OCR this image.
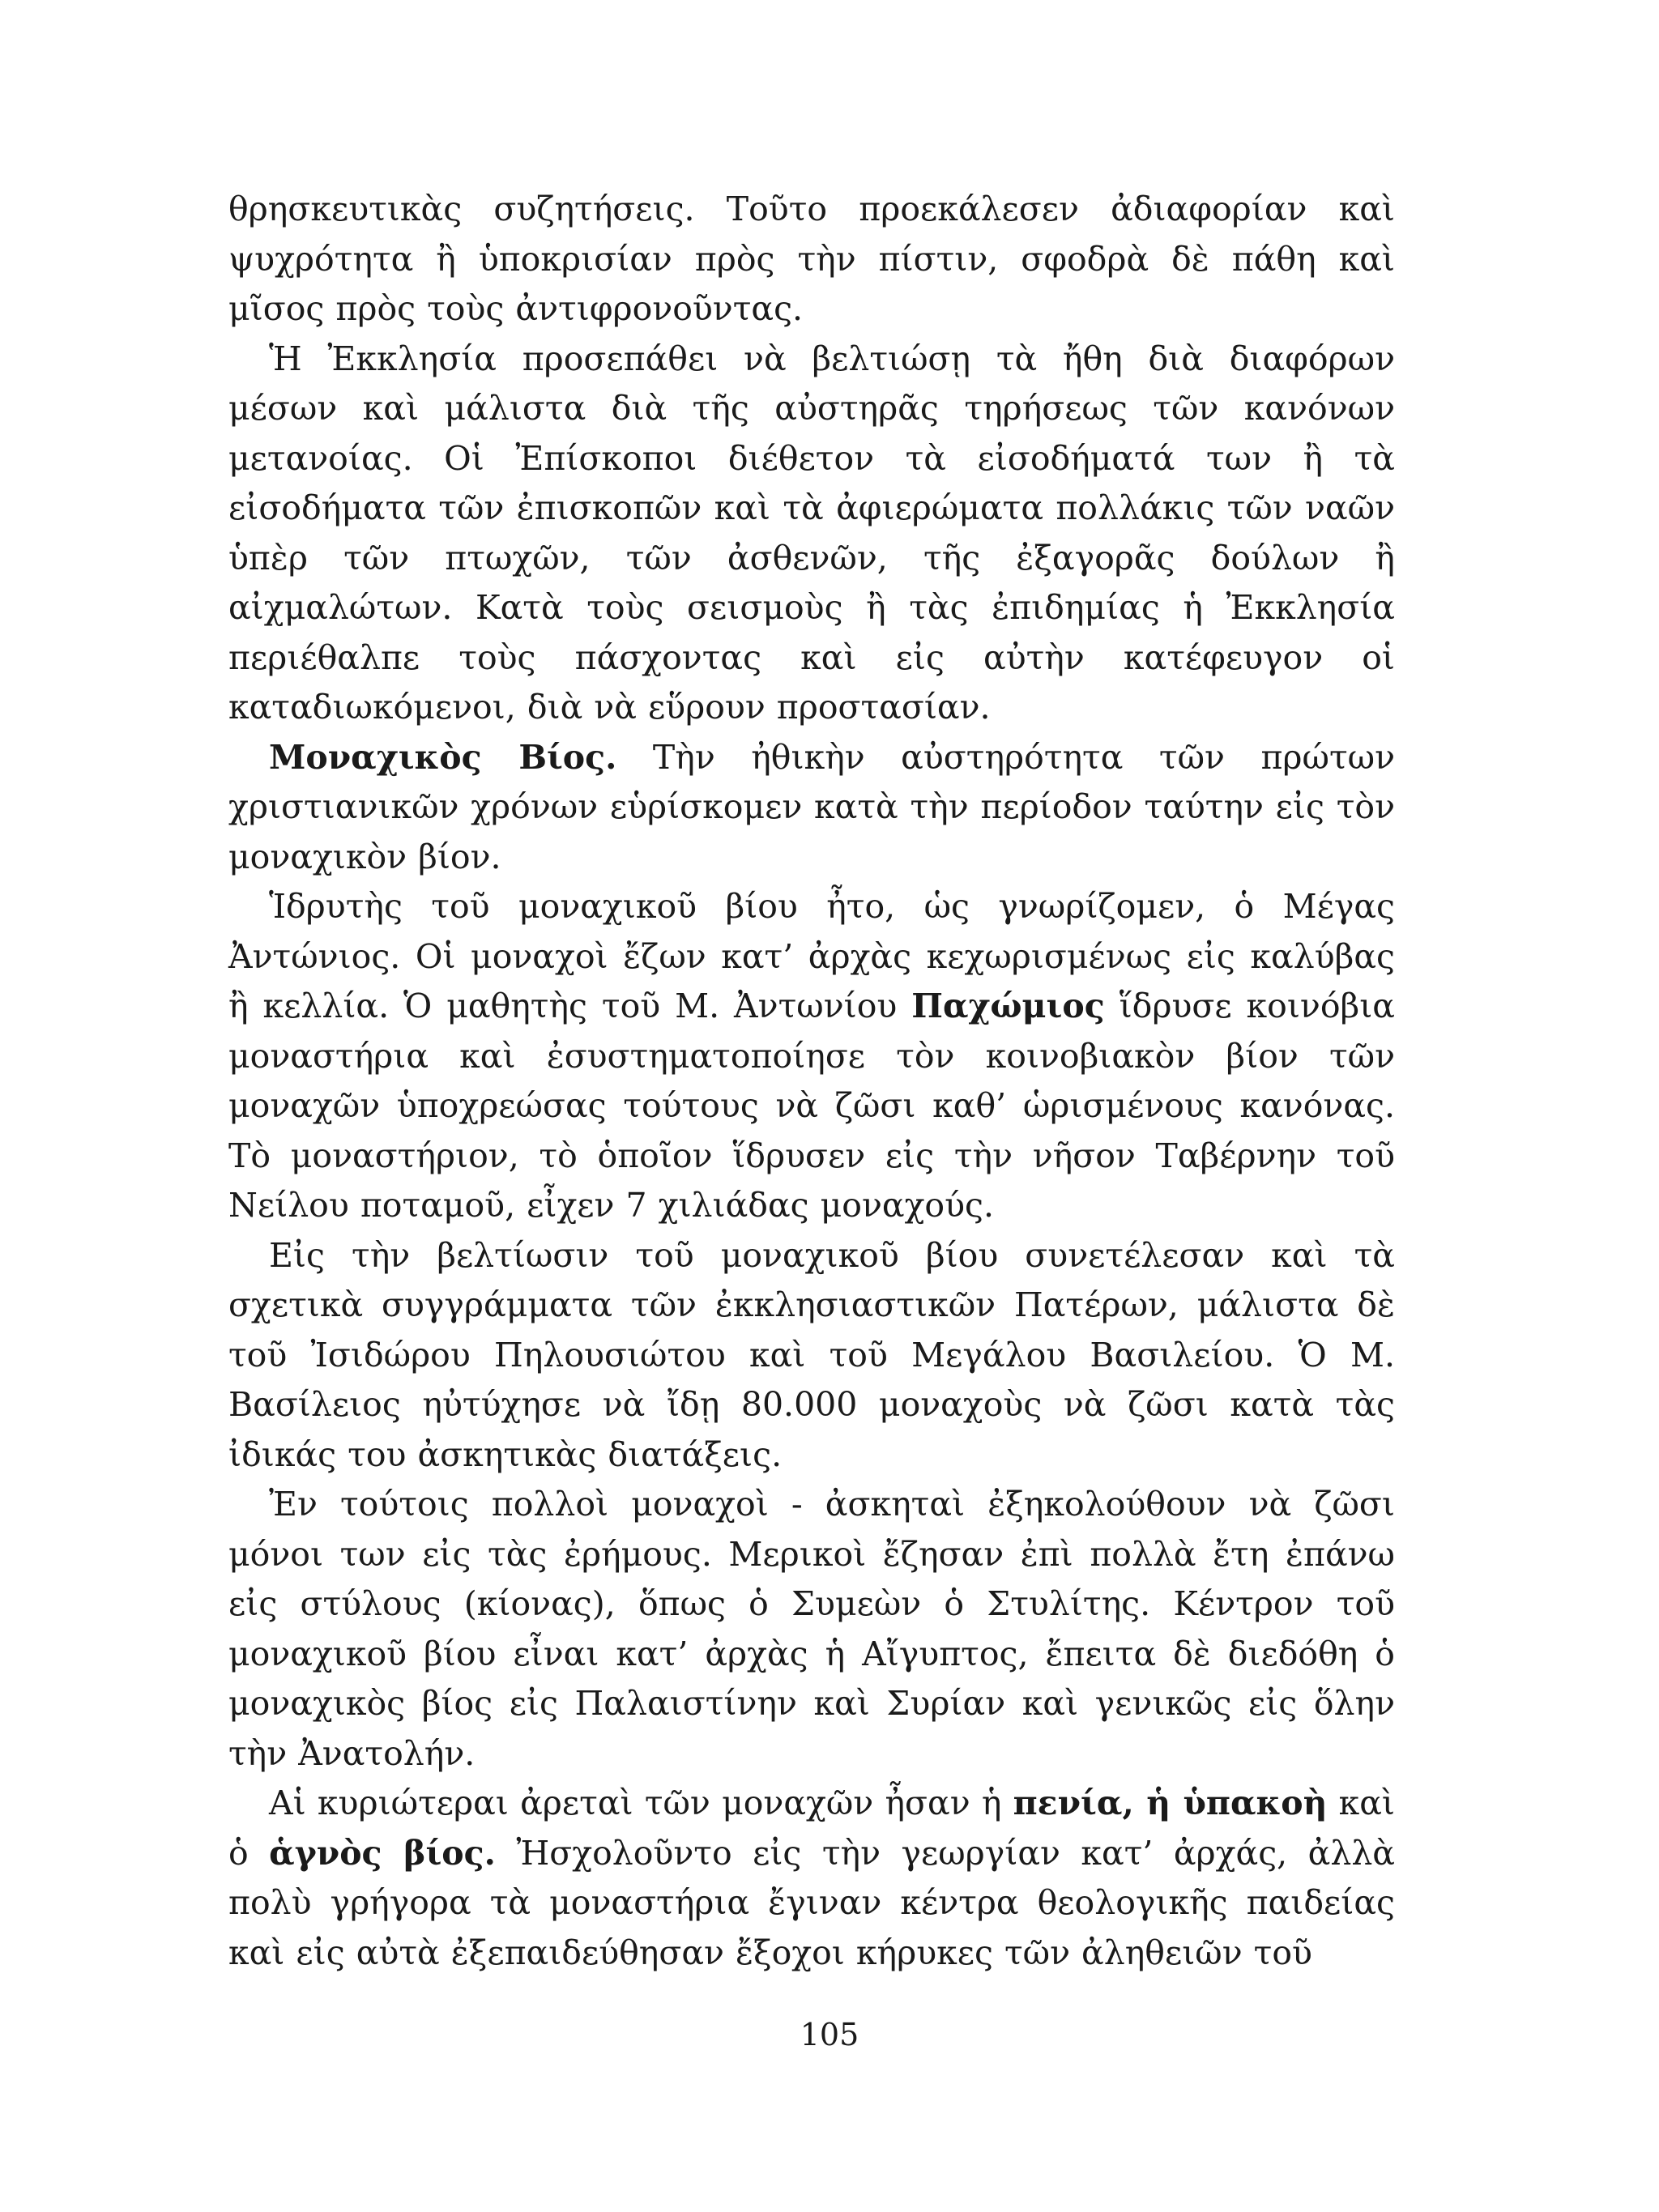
θρησκευτικὰς συζητήσεις. Τοῦτο προεκάλεσεν ἀδιαφορίαν καὶ ψυχρότητα ἢ ὑποκρισίαν πρὸς τὴν πίστιν, σφοδρὰ δὲ πάθη καὶ μῖσος πρὸς τοὺς ἀντιφρονοῦντας.

Ἡ Ἐκκλησία προσεπάθει νὰ βελτιώσῃ τὰ ἤθη διὰ διαφόρων μέσων καὶ μάλιστα διὰ τῆς αὐστηρᾶς τηρήσεως τῶν κανόνων μετανοίας. Οἱ Ἐπίσκοποι διέθετον τὰ εἰσοδήματά των ἢ τὰ εἰσοδήματα τῶν ἐπισκοπῶν καὶ τὰ ἀφιερώματα πολλάκις τῶν ναῶν ὑπὲρ τῶν πτωχῶν, τῶν ἀσθενῶν, τῆς ἐξαγορᾶς δούλων ἢ αἰχμαλώτων. Κατὰ τοὺς σεισμοὺς ἢ τὰς ἐπιδημίας ἡ Ἐκκλησία περιέθαλπε τοὺς πάσχοντας καὶ εἰς αὐτὴν κατέφευγον οἱ καταδιωκόμενοι, διὰ νὰ εὕρουν προστασίαν.

Μοναχικὸς Βίος. Τὴν ἠθικὴν αὐστηρότητα τῶν πρώτων χριστιανικῶν χρόνων εὑρίσκομεν κατὰ τὴν περίοδον ταύτην εἰς τὸν μοναχικὸν βίον.

Ἱδρυτὴς τοῦ μοναχικοῦ βίου ἦτο, ὡς γνωρίζομεν, ὁ Μέγας Ἀντώνιος. Οἱ μοναχοὶ ἔζων κατ’ ἀρχὰς κεχωρισμένως εἰς καλύβας ἢ κελλία. Ὁ μαθητὴς τοῦ Μ. Ἀντωνίου Παχώμιος ἵδρυσε κοινόβια μοναστήρια καὶ ἐσυστηματοποίησε τὸν κοινοβιακὸν βίον τῶν μοναχῶν ὑποχρεώσας τούτους νὰ ζῶσι καθ’ ὡρισμένους κανόνας. Τὸ μοναστήριον, τὸ ὁποῖον ἵδρυσεν εἰς τὴν νῆσον Ταβέρνην τοῦ Νείλου ποταμοῦ, εἶχεν 7 χιλιάδας μοναχούς.

Εἰς τὴν βελτίωσιν τοῦ μοναχικοῦ βίου συνετέλεσαν καὶ τὰ σχετικὰ συγγράμματα τῶν ἐκκλησιαστικῶν Πατέρων, μάλιστα δὲ τοῦ Ἰσιδώρου Πηλουσιώτου καὶ τοῦ Μεγάλου Βασιλείου. Ὁ Μ. Βασίλειος ηὐτύχησε νὰ ἴδῃ 80.000 μοναχοὺς νὰ ζῶσι κατὰ τὰς ἰδικάς του ἀσκητικὰς διατάξεις.

Ἐν τούτοις πολλοὶ μοναχοὶ - ἀσκηταὶ ἐξηκολούθουν νὰ ζῶσι μόνοι των εἰς τὰς ἐρήμους. Μερικοὶ ἔζησαν ἐπὶ πολλὰ ἔτη ἐπάνω εἰς στύλους (κίονας), ὅπως ὁ Συμεὼν ὁ Στυλίτης. Κέντρον τοῦ μοναχικοῦ βίου εἶναι κατ’ ἀρχὰς ἡ Αἴγυπτος, ἔπειτα δὲ διεδόθη ὁ μοναχικὸς βίος εἰς Παλαιστίνην καὶ Συρίαν καὶ γενικῶς εἰς ὅλην τὴν Ἀνατολήν.

Αἱ κυριώτεραι ἀρεταὶ τῶν μοναχῶν ἦσαν ἡ πενία, ἡ ὑπακοὴ καὶ ὁ ἁγνὸς βίος. Ἠσχολοῦντο εἰς τὴν γεωργίαν κατ’ ἀρχάς, ἀλλὰ πολὺ γρήγορα τὰ μοναστήρια ἔγιναν κέντρα θεολογικῆς παιδείας καὶ εἰς αὐτὰ ἐξεπαιδεύθησαν ἔξοχοι κήρυκες τῶν ἀληθειῶν τοῦ

105
